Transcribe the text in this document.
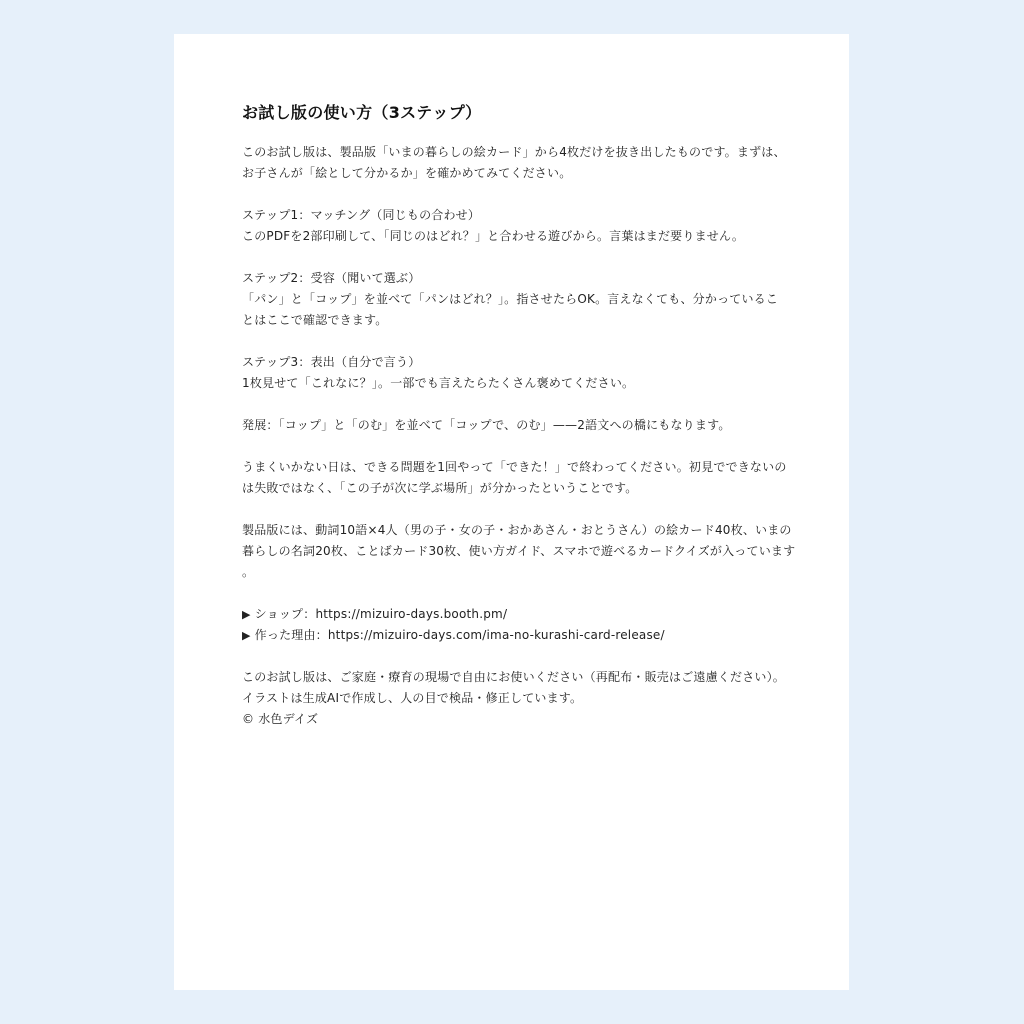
お試し版の使い方（3ステップ）
このお試し版は、製品版「いまの暮らしの絵カード」から4枚だけを抜き出したものです。まずは、
お子さんが「絵として分かるか」を確かめてみてください。
ステップ1：マッチング（同じもの合わせ）
このPDFを2部印刷して、「同じのはどれ？」と合わせる遊びから。言葉はまだ要りません。
ステップ2：受容（聞いて選ぶ）
「パン」と「コップ」を並べて「パンはどれ？」。指させたらOK。言えなくても、分かっているこ
とはここで確認できます。
ステップ3：表出（自分で言う）
1枚見せて「これなに？」。一部でも言えたらたくさん褒めてください。
発展：「コップ」と「のむ」を並べて「コップで、のむ」——2語文への橋にもなります。
うまくいかない日は、できる問題を1回やって「できた！」で終わってください。初見でできないの
は失敗ではなく、「この子が次に学ぶ場所」が分かったということです。
製品版には、動詞10語×4人（男の子・女の子・おかあさん・おとうさん）の絵カード40枚、いまの
暮らしの名詞20枚、ことばカード30枚、使い方ガイド、スマホで遊べるカードクイズが入っています
。
▶ ショップ：https://mizuiro-days.booth.pm/
▶ 作った理由：https://mizuiro-days.com/ima-no-kurashi-card-release/
このお試し版は、ご家庭・療育の現場で自由にお使いください（再配布・販売はご遠慮ください）。
イラストは生成AIで作成し、人の目で検品・修正しています。
© 水色デイズ
